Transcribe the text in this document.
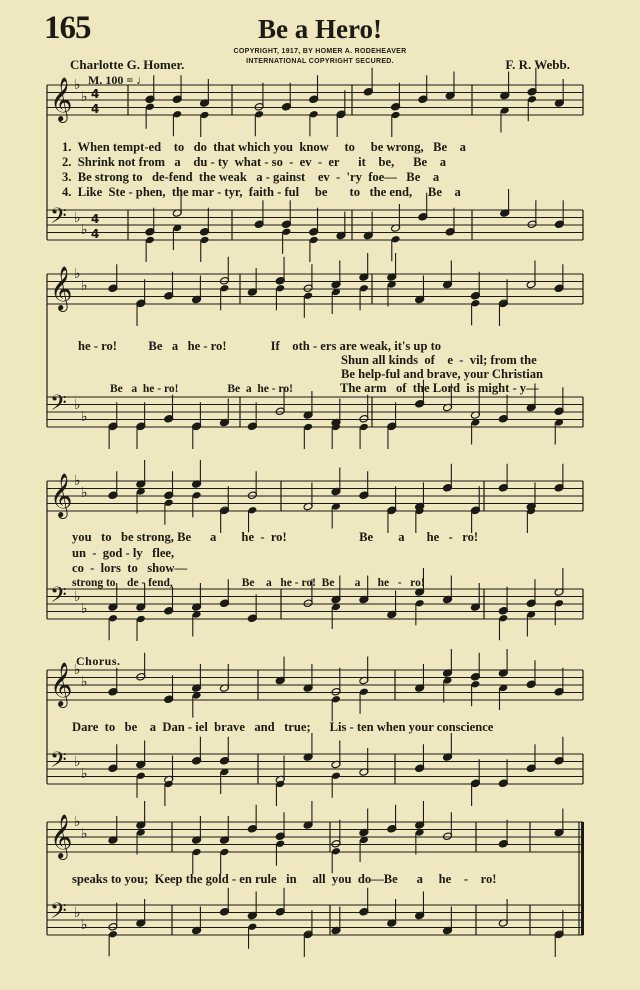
165	Be a Hero!
COPYRIGHT, 1917, BY HOMER A. RODEHEAVER
INTERNATIONAL COPYRIGHT SECURED.
Charlotte G. Homer.	F. R. Webb.
M. 100 = ♩
𝄞 ♭
♭ 4
4
𝄢 ♭
♭
4
4
𝄞 ♭
♭
𝄢 ♭
♭
𝄞 ♭
♭
𝄢 ♭
♭
𝄞 ♭
♭
𝄢 ♭
♭
𝄞 ♭
♭
𝄢 ♭
♭
1.  When tempt-ed    to   do  that which you  know     to     be wrong,   Be    a
2.  Shrink not from   a    du - ty  what - so  -  ev  -  er      it    be,      Be    a
3.  Be strong to   de-fend  the weak   a - gainst    ev  -  'ry  foe—   Be    a
4.  Like  Ste - phen,  the mar - tyr,  faith - ful     be       to   the end,     Be    a
he - ro!          Be   a   he - ro!              If    oth - ers are weak, it's up to
Shun all kinds  of    e  -  vil; from the
Be help-ful and brave, your Christian
Be   a  he - ro!                 Be  a  he - ro!	The arm   of  the Lord  is might - y—
you   to   be strong, Be      a        he  -  ro!                       Be        a       he   -   ro!
un  -  god - ly   flee,
co  -  lors  to   show—
strong to    de - fend,                        Be    a   he - ro!  Be       a      he   -   ro!
Chorus.
Dare  to   be    a  Dan - iel  brave   and   true;      Lis - ten when your conscience
speaks to you;  Keep the gold - en rule   in     all  you  do—Be      a     he    -    ro!
